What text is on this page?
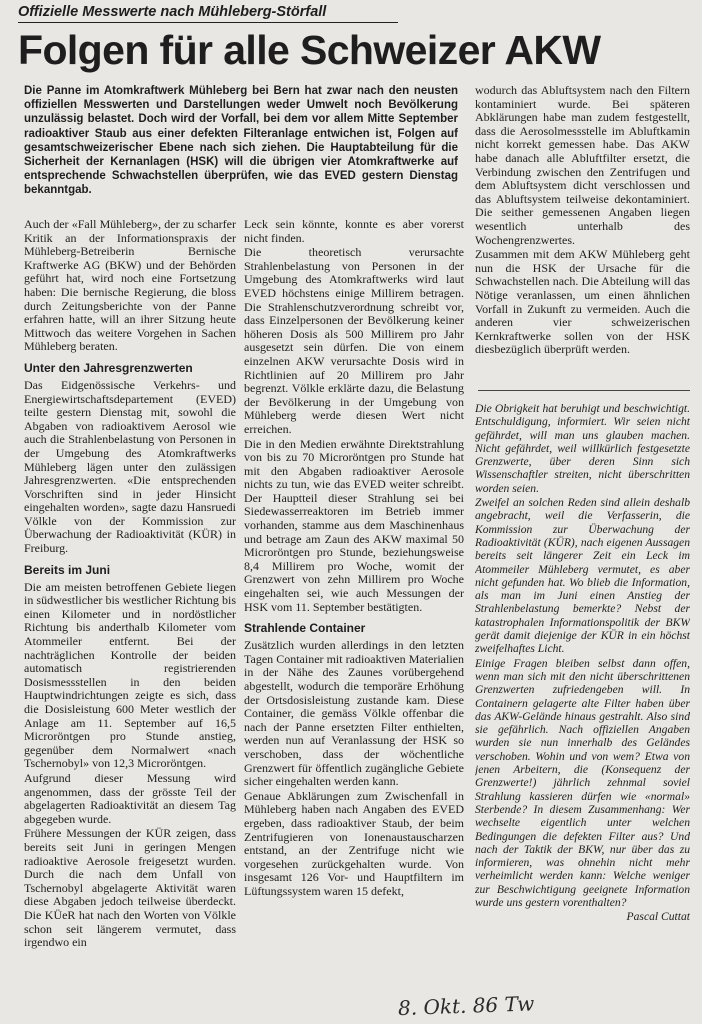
Offizielle Messwerte nach Mühleberg-Störfall
Folgen für alle Schweizer AKW
Die Panne im Atomkraftwerk Mühleberg bei Bern hat zwar nach den neusten offiziellen Messwerten und Darstellungen weder Umwelt noch Bevölkerung unzulässig belastet. Doch wird der Vorfall, bei dem vor allem Mitte September radioaktiver Staub aus einer defekten Filteranlage entwichen ist, Folgen auf gesamtschweizerischer Ebene nach sich ziehen. Die Hauptabteilung für die Sicherheit der Kernanlagen (HSK) will die übrigen vier Atomkraftwerke auf entsprechende Schwachstellen überprüfen, wie das EVED gestern Dienstag bekanntgab.

Auch der «Fall Mühleberg», der zu scharfer Kritik an der Informationspraxis der Mühleberg-Betreiberin Bernische Kraftwerke AG (BKW) und der Behörden geführt hat, wird noch eine Fortsetzung haben: Die bernische Regierung, die bloss durch Zeitungsberichte von der Panne erfahren hatte, will an ihrer Sitzung heute Mittwoch das weitere Vorgehen in Sachen Mühleberg beraten.

Unter den Jahresgrenzwerten

Das Eidgenössische Verkehrs- und Energiewirtschaftsdepartement (EVED) teilte gestern Dienstag mit, sowohl die Abgaben von radioaktivem Aerosol wie auch die Strahlenbelastung von Personen in der Umgebung des Atomkraftwerks Mühleberg lägen unter den zulässigen Jahresgrenzwerten. «Die entsprechenden Vorschriften sind in jeder Hinsicht eingehalten worden», sagte dazu Hansruedi Völkle von der Kommission zur Überwachung der Radioaktivität (KÜR) in Freiburg.

Bereits im Juni

Die am meisten betroffenen Gebiete liegen in südwestlicher bis westlicher Richtung bis einen Kilometer und in nordöstlicher Richtung bis anderthalb Kilometer vom Atommeiler entfernt. Bei der nachträglichen Kontrolle der beiden automatisch registrierenden Dosismessstellen in den beiden Hauptwindrichtungen zeigte es sich, dass die Dosisleistung 600 Meter westlich der Anlage am 11. September auf 16,5 Microröntgen pro Stunde anstieg, gegenüber dem Normalwert «nach Tschernobyl» von 12,3 Microröntgen.

Aufgrund dieser Messung wird angenommen, dass der grösste Teil der abgelagerten Radioaktivität an diesem Tag abgegeben wurde.

Frühere Messungen der KÜR zeigen, dass bereits seit Juni in geringen Mengen radioaktive Aerosole freigesetzt wurden. Durch die nach dem Unfall von Tschernobyl abgelagerte Aktivität waren diese Abgaben jedoch teilweise überdeckt. Die KÜeR hat nach den Worten von Völkle schon seit längerem vermutet, dass irgendwo ein

Leck sein könnte, konnte es aber vorerst nicht finden.

Die theoretisch verursachte Strahlenbelastung von Personen in der Umgebung des Atomkraftwerks wird laut EVED höchstens einige Millirem betragen. Die Strahlenschutzverordnung schreibt vor, dass Einzelpersonen der Bevölkerung keiner höheren Dosis als 500 Millirem pro Jahr ausgesetzt sein dürfen. Die von einem einzelnen AKW verursachte Dosis wird in Richtlinien auf 20 Millirem pro Jahr begrenzt. Völkle erklärte dazu, die Belastung der Bevölkerung in der Umgebung von Mühleberg werde diesen Wert nicht erreichen.

Die in den Medien erwähnte Direktstrahlung von bis zu 70 Microröntgen pro Stunde hat mit den Abgaben radioaktiver Aerosole nichts zu tun, wie das EVED weiter schreibt. Der Hauptteil dieser Strahlung sei bei Siedewasserreaktoren im Betrieb immer vorhanden, stamme aus dem Maschinenhaus und betrage am Zaun des AKW maximal 50 Microröntgen pro Stunde, beziehungsweise 8,4 Millirem pro Woche, womit der Grenzwert von zehn Millirem pro Woche eingehalten sei, wie auch Messungen der HSK vom 11. September bestätigten.

Strahlende Container

Zusätzlich wurden allerdings in den letzten Tagen Container mit radioaktiven Materialien in der Nähe des Zaunes vorübergehend abgestellt, wodurch die temporäre Erhöhung der Ortsdosisleistung zustande kam. Diese Container, die gemäss Völkle offenbar die nach der Panne ersetzten Filter enthielten, werden nun auf Veranlassung der HSK so verschoben, dass der wöchentliche Grenzwert für öffentlich zugängliche Gebiete sicher eingehalten werden kann.

Genaue Abklärungen zum Zwischenfall in Mühleberg haben nach Angaben des EVED ergeben, dass radioaktiver Staub, der beim Zentrifugieren von Ionenaustauscharzen entstand, an der Zentrifuge nicht wie vorgesehen zurückgehalten wurde. Von insgesamt 126 Vor- und Hauptfiltern im Lüftungssystem waren 15 defekt,

wodurch das Abluftsystem nach den Filtern kontaminiert wurde. Bei späteren Abklärungen habe man zudem festgestellt, dass die Aerosolmessstelle im Abluftkamin nicht korrekt gemessen habe. Das AKW habe danach alle Abluftfilter ersetzt, die Verbindung zwischen den Zentrifugen und dem Abluftsystem dicht verschlossen und das Abluftsystem teilweise dekontaminiert. Die seither gemessenen Angaben liegen wesentlich unterhalb des Wochengrenzwertes.

Zusammen mit dem AKW Mühleberg geht nun die HSK der Ursache für die Schwachstellen nach. Die Abteilung will das Nötige veranlassen, um einen ähnlichen Vorfall in Zukunft zu vermeiden. Auch die anderen vier schweizerischen Kernkraftwerke sollen von der HSK diesbezüglich überprüft werden.

Die Obrigkeit hat beruhigt und beschwichtigt. Entschuldigung, informiert. Wir seien nicht gefährdet, will man uns glauben machen. Nicht gefährdet, weil willkürlich festgesetzte Grenzwerte, über deren Sinn sich Wissenschaftler streiten, nicht überschritten worden seien.

Zweifel an solchen Reden sind allein deshalb angebracht, weil die Verfasserin, die Kommission zur Überwachung der Radioaktivität (KÜR), nach eigenen Aussagen bereits seit längerer Zeit ein Leck im Atommeiler Mühleberg vermutet, es aber nicht gefunden hat. Wo blieb die Information, als man im Juni einen Anstieg der Strahlenbelastung bemerkte? Nebst der katastrophalen Informationspolitik der BKW gerät damit diejenige der KÜR in ein höchst zweifelhaftes Licht.

Einige Fragen bleiben selbst dann offen, wenn man sich mit den nicht überschrittenen Grenzwerten zufriedengeben will. In Containern gelagerte alte Filter haben über das AKW-Gelände hinaus gestrahlt. Also sind sie gefährlich. Nach offiziellen Angaben wurden sie nun innerhalb des Geländes verschoben. Wohin und von wem? Etwa von jenen Arbeitern, die (Konsequenz der Grenzwerte!) jährlich zehnmal soviel Strahlung kassieren dürfen wie «normal» Sterbende? In diesem Zusammenhang: Wer wechselte eigentlich unter welchen Bedingungen die defekten Filter aus? Und nach der Taktik der BKW, nur über das zu informieren, was ohnehin nicht mehr verheimlicht werden kann: Welche weniger zur Beschwichtigung geeignete Information wurde uns gestern vorenthalten?

Pascal Cuttat

8. Okt. 86 Tw
